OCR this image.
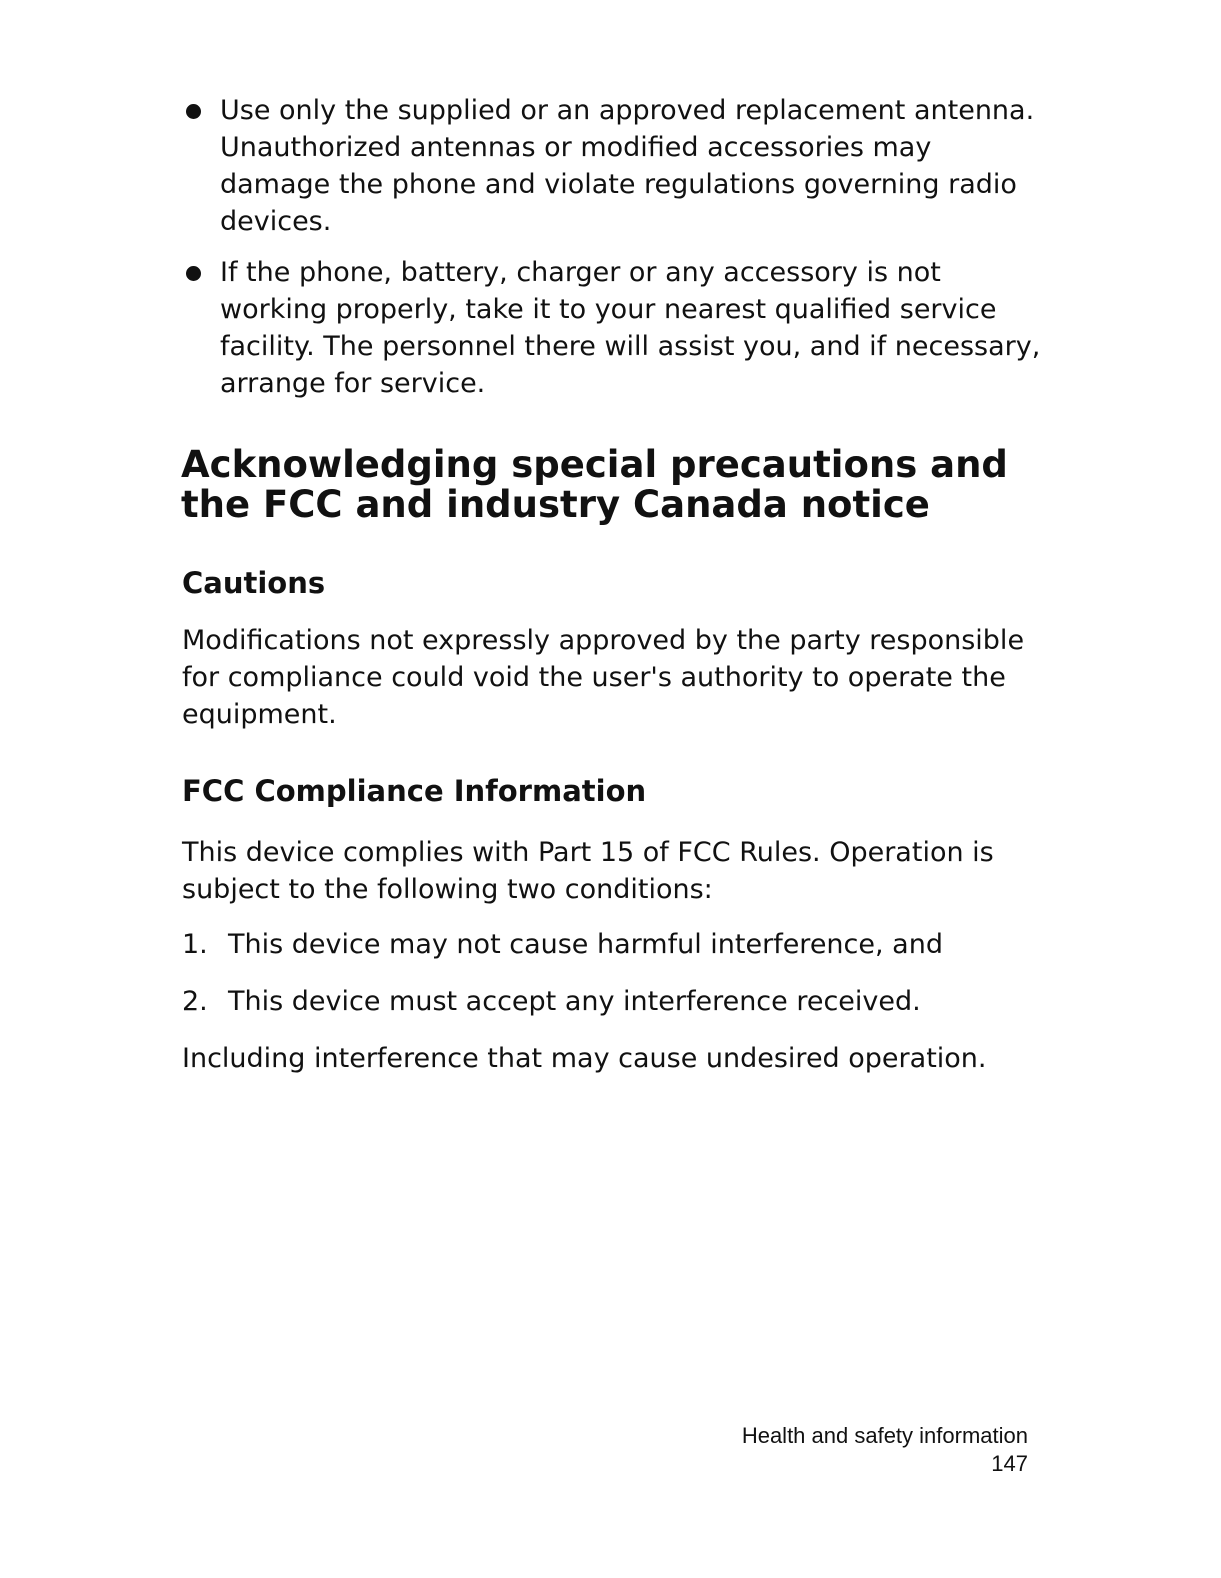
Use only the supplied or an approved replacement antenna. Unauthorized antennas or modified accessories may damage the phone and violate regulations governing radio devices.
If the phone, battery, charger or any accessory is not working properly, take it to your nearest qualified service facility. The personnel there will assist you, and if necessary, arrange for service.
Acknowledging special precautions and the FCC and industry Canada notice
Cautions

Modifications not expressly approved by the party responsible for compliance could void the user's authority to operate the equipment.

FCC Compliance Information

This device complies with Part 15 of FCC Rules. Operation is subject to the following two conditions:

1. This device may not cause harmful interference, and
2. This device must accept any interference received.

Including interference that may cause undesired operation.

Health and safety information
147
